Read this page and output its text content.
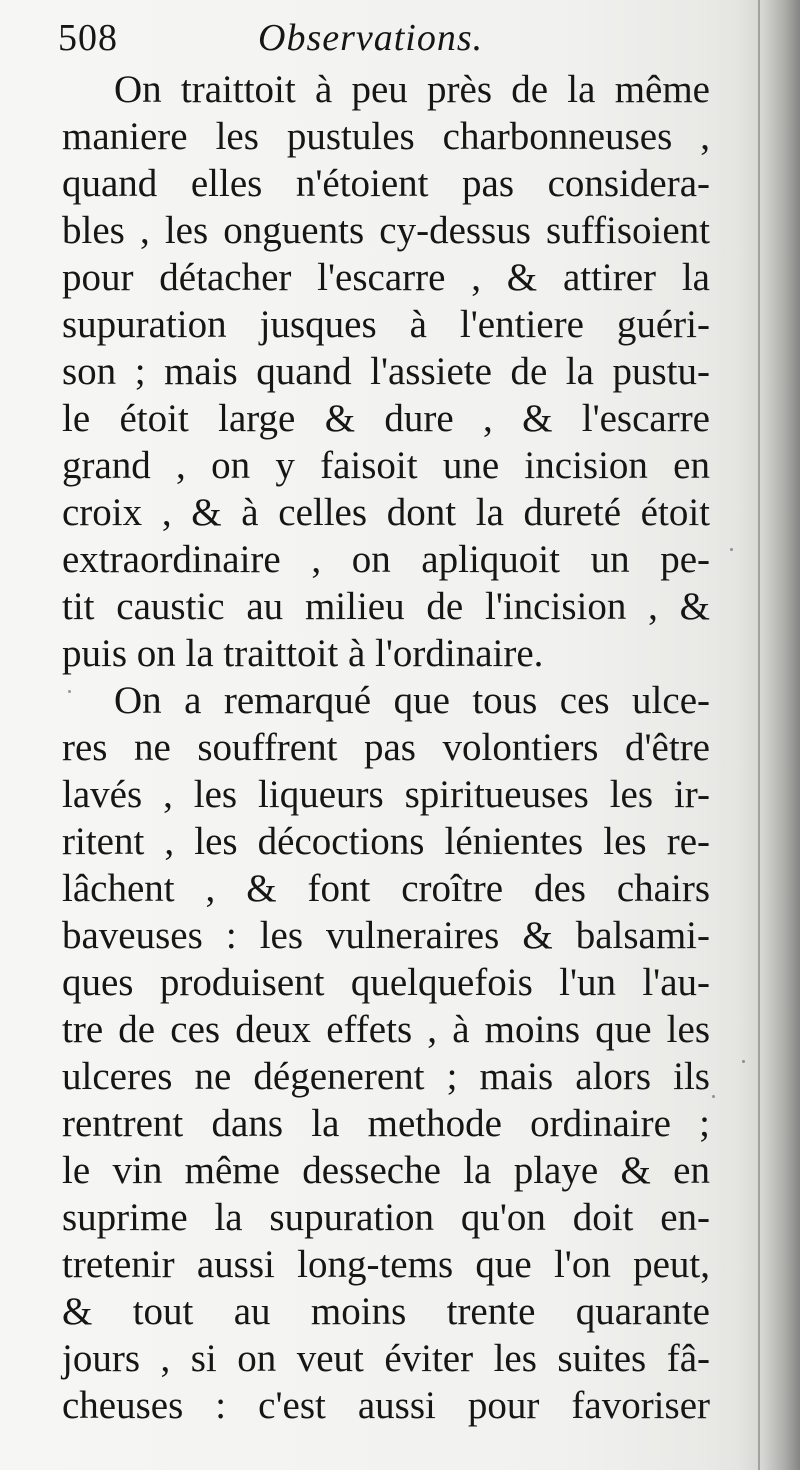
508	Observations.
On traittoit à peu près de la même
maniere les pustules charbonneuses ,
quand elles n'étoient pas considera-
bles , les onguents cy-dessus suffisoient
pour détacher l'escarre , & attirer la
supuration jusques à l'entiere guéri-
son ; mais quand l'assiete de la pustu-
le étoit large & dure , & l'escarre
grand , on y faisoit une incision en
croix , & à celles dont la dureté étoit
extraordinaire , on apliquoit un pe-
tit caustic au milieu de l'incision , &
puis on la traittoit à l'ordinaire.
On a remarqué que tous ces ulce-
res ne souffrent pas volontiers d'être
lavés , les liqueurs spiritueuses les ir-
ritent , les décoctions lénientes les re-
lâchent , & font croître des chairs
baveuses : les vulneraires & balsami-
ques produisent quelquefois l'un l'au-
tre de ces deux effets , à moins que les
ulceres ne dégenerent ; mais alors ils
rentrent dans la methode ordinaire ;
le vin même desseche la playe & en
suprime la supuration qu'on doit en-
tretenir aussi long-tems que l'on peut,
& tout au moins trente quarante
jours , si on veut éviter les suites fâ-
cheuses : c'est aussi pour favoriser
